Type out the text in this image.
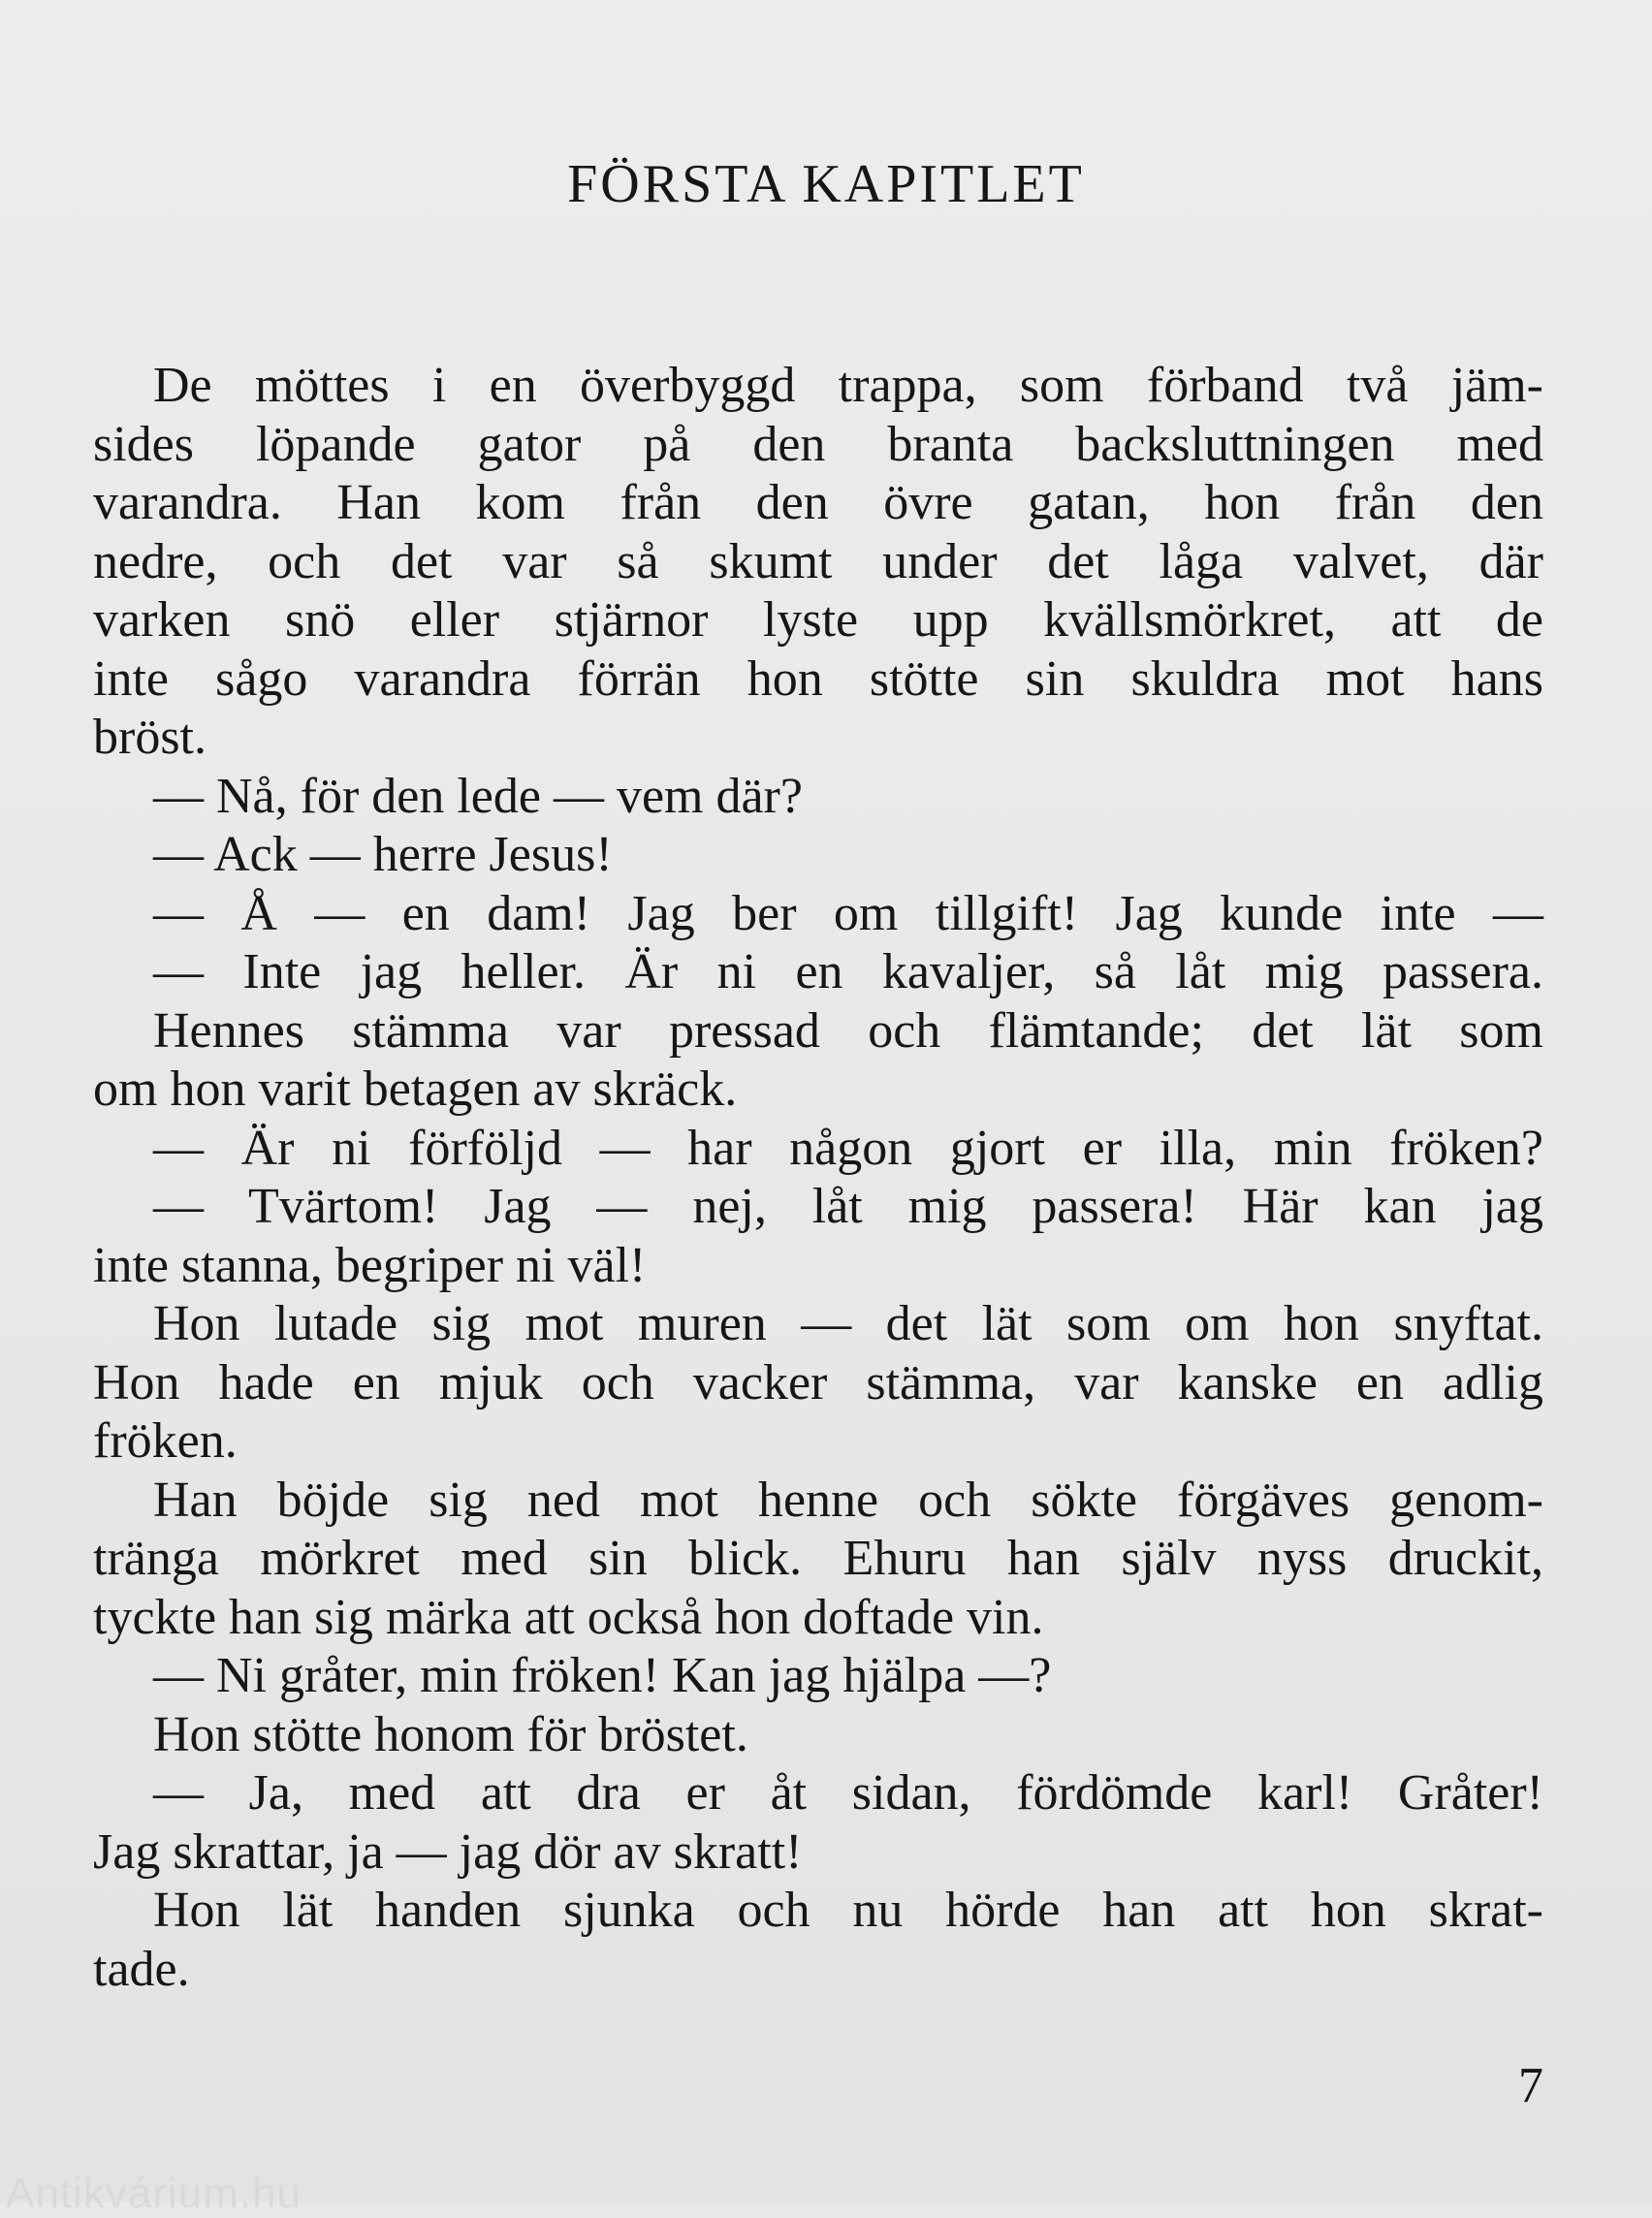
FÖRSTA KAPITLET
De möttes i en överbyggd trappa, som förband två jäm-
sides löpande gator på den branta backsluttningen med
varandra. Han kom från den övre gatan, hon från den
nedre, och det var så skumt under det låga valvet, där
varken snö eller stjärnor lyste upp kvällsmörkret, att de
inte sågo varandra förrän hon stötte sin skuldra mot hans
bröst.
— Nå, för den lede — vem där?
— Ack — herre Jesus!
— Å — en dam! Jag ber om tillgift! Jag kunde inte —
— Inte jag heller. Är ni en kavaljer, så låt mig passera.
Hennes stämma var pressad och flämtande; det lät som
om hon varit betagen av skräck.
— Är ni förföljd — har någon gjort er illa, min fröken?
— Tvärtom! Jag — nej, låt mig passera! Här kan jag
inte stanna, begriper ni väl!
Hon lutade sig mot muren — det lät som om hon snyftat.
Hon hade en mjuk och vacker stämma, var kanske en adlig
fröken.
Han böjde sig ned mot henne och sökte förgäves genom-
tränga mörkret med sin blick. Ehuru han själv nyss druckit,
tyckte han sig märka att också hon doftade vin.
— Ni gråter, min fröken! Kan jag hjälpa —?
Hon stötte honom för bröstet.
— Ja, med att dra er åt sidan, fördömde karl! Gråter!
Jag skrattar, ja — jag dör av skratt!
Hon lät handen sjunka och nu hörde han att hon skrat-
tade.

7

Antikvárium.hu
